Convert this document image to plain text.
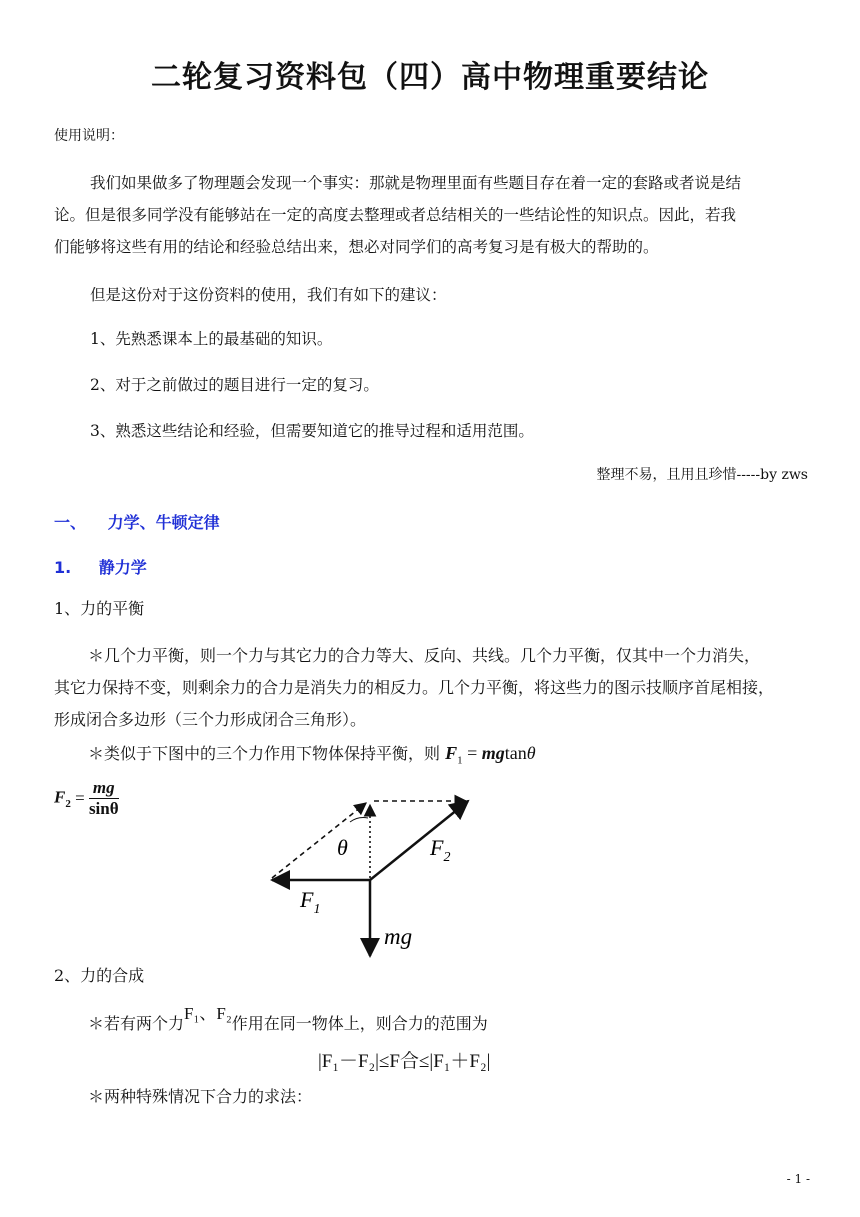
二轮复习资料包（四）高中物理重要结论
使用说明：
我们如果做多了物理题会发现一个事实：那就是物理里面有些题目存在着一定的套路或者说是结
论。但是很多同学没有能够站在一定的高度去整理或者总结相关的一些结论性的知识点。因此，若我
们能够将这些有用的结论和经验总结出来，想必对同学们的高考复习是有极大的帮助的。
但是这份对于这份资料的使用，我们有如下的建议：
1、先熟悉课本上的最基础的知识。
2、对于之前做过的题目进行一定的复习。
3、熟悉这些结论和经验，但需要知道它的推导过程和适用范围。
整理不易，且用且珍惜-----by zws
一、 力学、牛顿定律
1. 静力学
1、力的平衡
＊几个力平衡，则一个力与其它力的合力等大、反向、共线。几个力平衡，仅其中一个力消失，
其它力保持不变，则剩余力的合力是消失力的相反力。几个力平衡，将这些力的图示技顺序首尾相接，
形成闭合多边形（三个力形成闭合三角形）。
＊类似于下图中的三个力作用下物体保持平衡，则 $F_1 = mgtan\theta$
$F_2 = \frac{mg}{\sin\theta}$
θ	$F_2$
$F_1$
mg
2、力的合成
＊若有两个力F₁、F₂作用在同一物体上，则合力的范围为
|F₁－F₂|≤F合≤|F₁＋F₂|
＊两种特殊情况下合力的求法：
- 1 -
